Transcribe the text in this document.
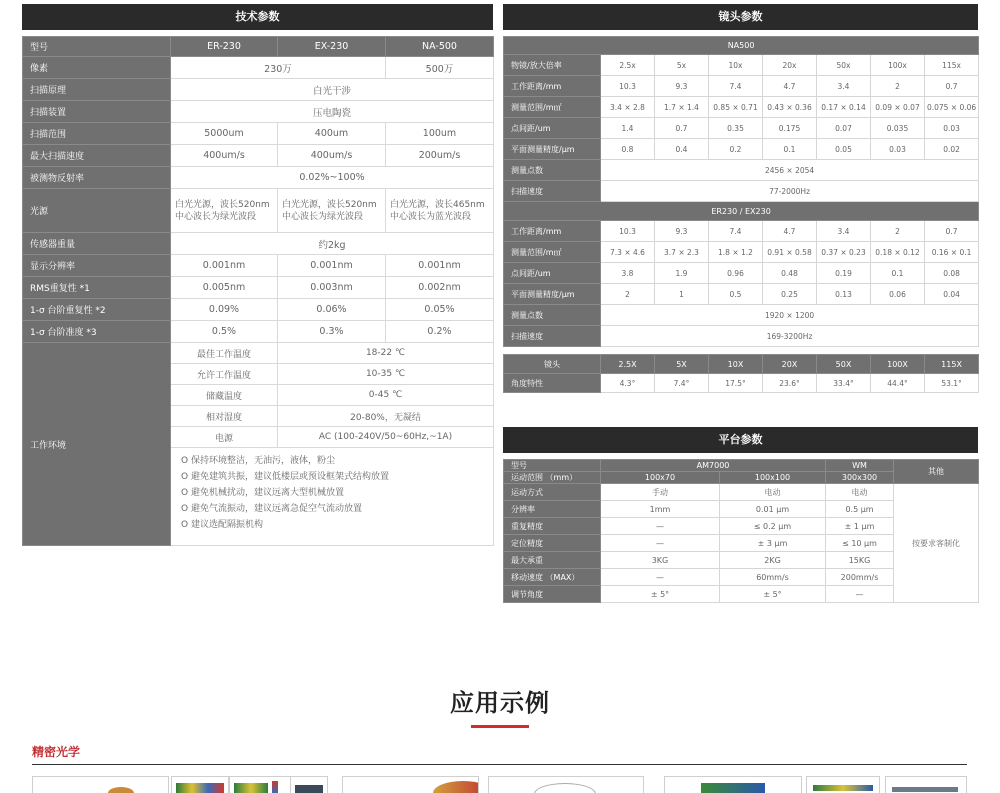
技术参数
型号	ER-230	EX-230	NA-500
像素	230万		500万
扫描原理	白光干涉		
扫描装置	压电陶瓷		
扫描范围	5000um	400um	100um
最大扫描速度	400um/s	400um/s	200um/s
被测物反射率	0.02%~100%		
光源	白光光源，波长520nm中心波长为绿光波段	白光光源，波长520nm中心波长为绿光波段	白光光源，波长465nm中心波长为蓝光波段
传感器重量	约2kg		
显示分辨率	0.001nm	0.001nm	0.001nm
RMS重复性 *1	0.005nm	0.003nm	0.002nm
1-σ 台阶重复性 *2	0.09%	0.06%	0.05%
1-σ 台阶准度 *3	0.5%	0.3%	0.2%
工作环境	最佳工作温度	18-22 ℃	
	允许工作温度	10-35 ℃	
	储藏温度	0-45 ℃	
	相对湿度	20-80%，无凝结	
	电源	AC (100-240V/50~60Hz,~1A)	

	O 保持环境整洁，无油污，液体，粉尘
O 避免建筑共振，建议低楼层或预设框架式结构放置
O 避免机械扰动，建议远离大型机械放置
O 避免气流振动，建议远离急促空气流动放置
O 建议选配隔振机构		
镜头参数
NA500							
物镜/放大倍率	2.5x	5x	10x	20x	50x	100x	115x
工作距离/mm	10.3	9.3	7.4	4.7	3.4	2	0.7
测量范围/m㎡	3.4 × 2.8	1.7 × 1.4	0.85 × 0.71	0.43 × 0.36	0.17 × 0.14	0.09 × 0.07	0.075 × 0.06
点间距/um	1.4	0.7	0.35	0.175	0.07	0.035	0.03
平面测量精度/μm	0.8	0.4	0.2	0.1	0.05	0.03	0.02
测量点数	2456 × 2054						
扫描速度	77-2000Hz						
ER230 / EX230							
工作距离/mm	10.3	9.3	7.4	4.7	3.4	2	0.7
测量范围/m㎡	7.3 × 4.6	3.7 × 2.3	1.8 × 1.2	0.91 × 0.58	0.37 × 0.23	0.18 × 0.12	0.16 × 0.1
点间距/um	3.8	1.9	0.96	0.48	0.19	0.1	0.08
平面测量精度/μm	2	1	0.5	0.25	0.13	0.06	0.04
测量点数	1920 × 1200						
扫描速度	169-3200Hz						

镜头	2.5X	5X	10X	20X	50X	100X	115X
角度特性	4.3°	7.4°	17.5°	23.6°	33.4°	44.4°	53.1°
平台参数
型号	AM7000		WM	其他
运动范围 （mm）	100x70	100x100	300x300	
运动方式	手动	电动	电动	按要求客制化
分辨率	1mm	0.01 μm	0.5 μm	
重复精度	—	≤ 0.2 μm	± 1 μm	
定位精度	—	± 3 μm	≤ 10 μm	
最大承重	3KG	2KG	15KG	
移动速度 （MAX）	—	60mm/s	200mm/s	
调节角度	± 5°	± 5°	—	
应用示例
精密光学
